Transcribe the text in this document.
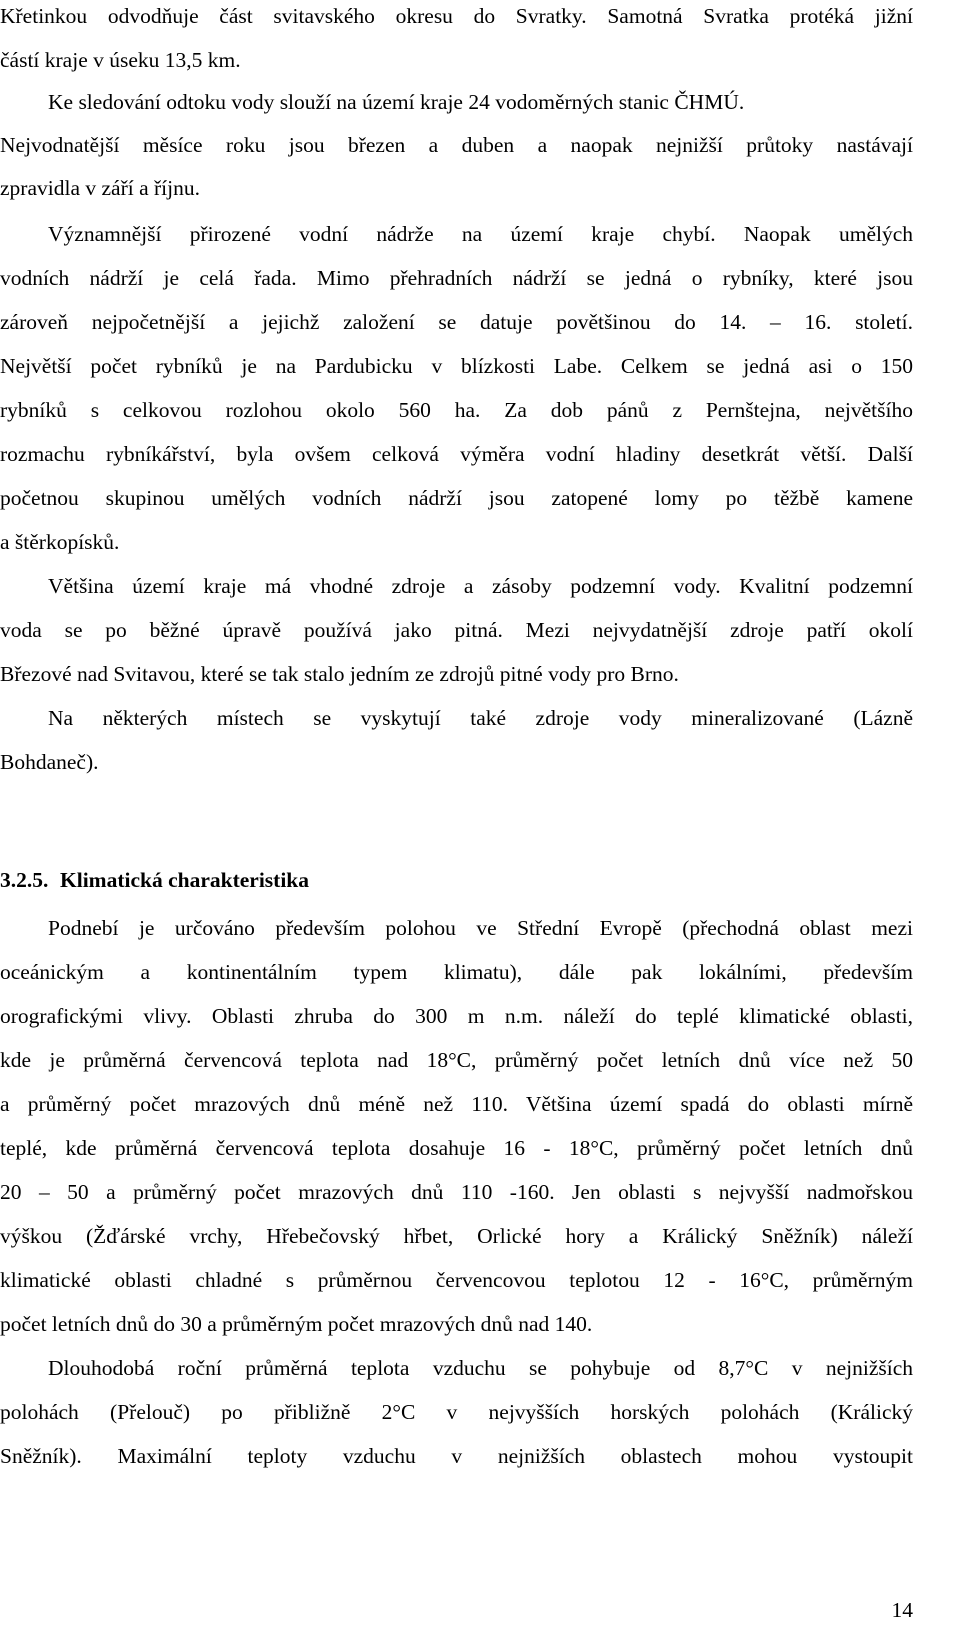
Křetinkou odvodňuje část svitavského okresu do Svratky. Samotná Svratka protéká jižní
částí kraje v úseku 13,5 km.
Ke sledování odtoku vody slouží na území kraje 24 vodoměrných stanic ČHMÚ.
Nejvodnatější měsíce roku jsou březen a duben a naopak nejnižší průtoky nastávají
zpravidla v září a říjnu.
Významnější přirozené vodní nádrže na území kraje chybí. Naopak umělých
vodních nádrží je celá řada. Mimo přehradních nádrží se jedná o rybníky, které jsou
zároveň nejpočetnější a jejichž založení se datuje povětšinou do 14. – 16. století.
Největší počet rybníků je na Pardubicku v blízkosti Labe. Celkem se jedná asi o 150
rybníků s celkovou rozlohou okolo 560 ha. Za dob pánů z Pernštejna, největšího
rozmachu rybníkářství, byla ovšem celková výměra vodní hladiny desetkrát větší. Další
početnou skupinou umělých vodních nádrží jsou zatopené lomy po těžbě kamene
a štěrkopísků.
Většina území kraje má vhodné zdroje a zásoby podzemní vody. Kvalitní podzemní
voda se po běžné úpravě používá jako pitná. Mezi nejvydatnější zdroje patří okolí
Březové nad Svitavou, které se tak stalo jedním ze zdrojů pitné vody pro Brno.
Na některých místech se vyskytují také zdroje vody mineralizované (Lázně
Bohdaneč).
3.2.5. Klimatická charakteristika
Podnebí je určováno především polohou ve Střední Evropě (přechodná oblast mezi
oceánickým a kontinentálním typem klimatu), dále pak lokálními, především
orografickými vlivy. Oblasti zhruba do 300 m n.m. náleží do teplé klimatické oblasti,
kde je průměrná červencová teplota nad 18°C, průměrný počet letních dnů více než 50
a průměrný počet mrazových dnů méně než 110. Většina území spadá do oblasti mírně
teplé, kde průměrná červencová teplota dosahuje 16 - 18°C, průměrný počet letních dnů
20 – 50 a průměrný počet mrazových dnů 110 -160. Jen oblasti s nejvyšší nadmořskou
výškou (Žďárské vrchy, Hřebečovský hřbet, Orlické hory a Králický Sněžník) náleží
klimatické oblasti chladné s průměrnou červencovou teplotou 12 - 16°C, průměrným
počet letních dnů do 30 a průměrným počet mrazových dnů nad 140.
Dlouhodobá roční průměrná teplota vzduchu se pohybuje od 8,7°C v nejnižších
polohách (Přelouč) po přibližně 2°C v nejvyšších horských polohách (Králický
Sněžník). Maximální teploty vzduchu v nejnižších oblastech mohou vystoupit
14
